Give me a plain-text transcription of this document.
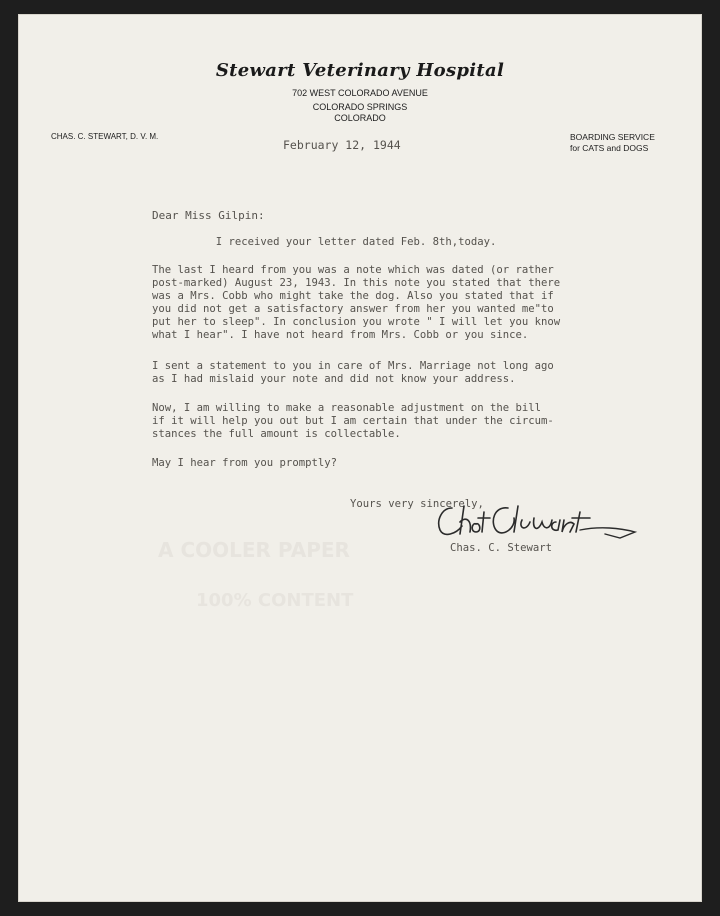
A COOLER PAPER
100% CONTENT
Stewart Veterinary Hospital
702 WEST COLORADO AVENUE
COLORADO SPRINGS
COLORADO
CHAS. C. STEWART, D. V. M.	BOARDING SERVICE
for CATS and DOGS
February 12, 1944
Dear Miss Gilpin:
I received your letter dated Feb. 8th,today.
The last I heard from you was a note which was dated (or rather
post-marked) August 23, 1943. In this note you stated that there
was a Mrs. Cobb who might take the dog. Also you stated that if
you did not get a satisfactory answer from her you wanted me"to
put her to sleep". In conclusion you wrote " I will let you know
what I hear". I have not heard from Mrs. Cobb or you since.
I sent a statement to you in care of Mrs. Marriage not long ago
as I had mislaid your note and did not know your address.
Now, I am willing to make a reasonable adjustment on the bill
if it will help you out but I am certain that under the circum-
stances the full amount is collectable.
May I hear from you promptly?
Yours very sincerely,
Chas. C. Stewart
